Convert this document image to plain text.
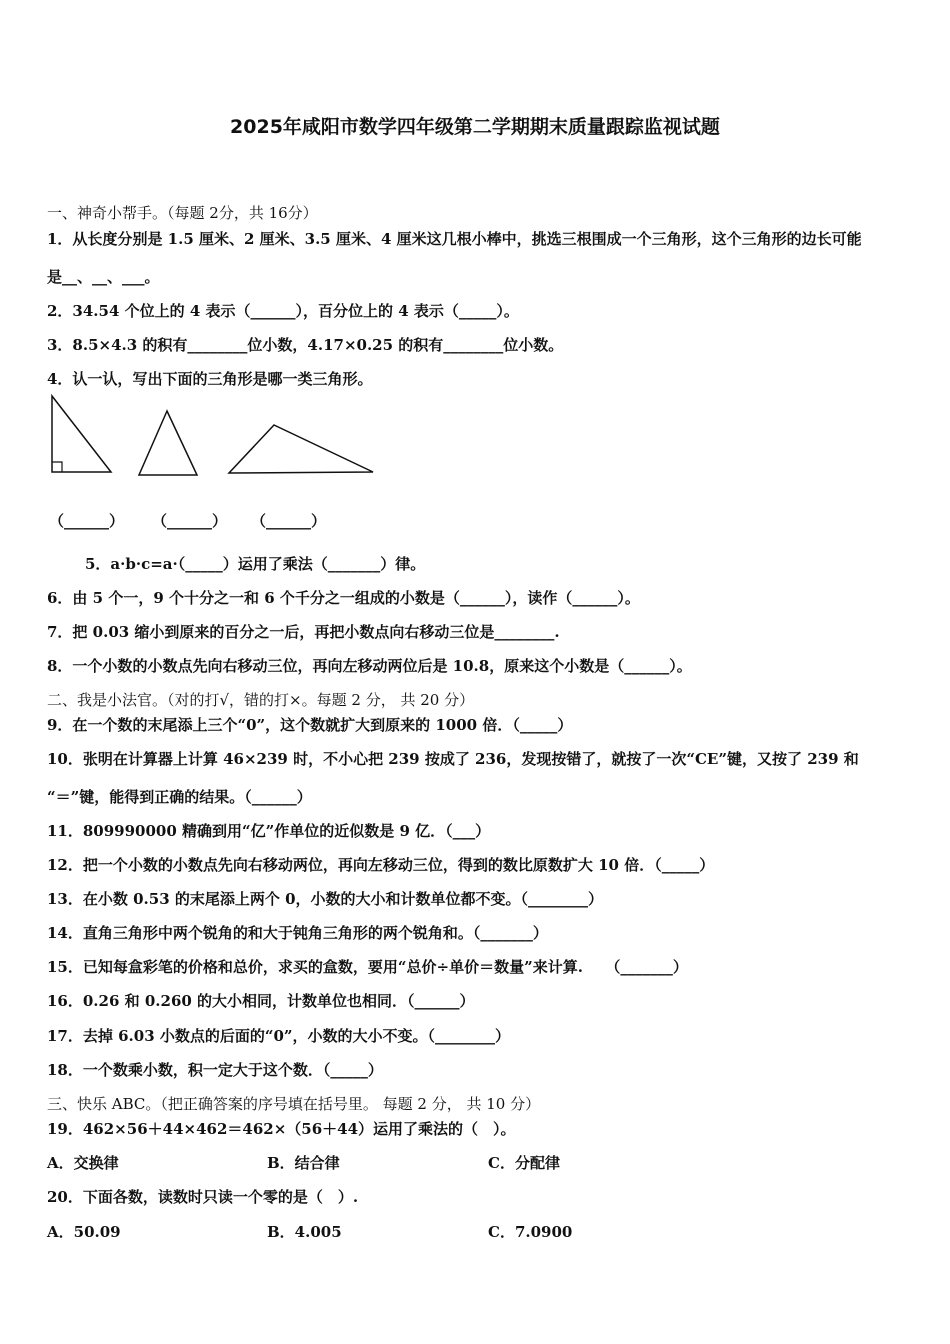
2025年咸阳市数学四年级第二学期期末质量跟踪监视试题
一、神奇小帮手。（每题 2分，共 16分）
1．从长度分别是 1.5 厘米、2 厘米、3.5 厘米、4 厘米这几根小棒中，挑选三根围成一个三角形，这个三角形的边长可能
是__、__、___。
2．34.54 个位上的 4 表示（______），百分位上的 4 表示（_____）。
3．8.5×4.3 的积有________位小数，4.17×0.25 的积有________位小数。
4．认一认，写出下面的三角形是哪一类三角形。
（______） （______） （______）
5．a·b·c=a·（_____）运用了乘法（_______）律。
6．由 5 个一，9 个十分之一和 6 个千分之一组成的小数是（______），读作（______）。
7．把 0.03 缩小到原来的百分之一后，再把小数点向右移动三位是________.
8．一个小数的小数点先向右移动三位，再向左移动两位后是 10.8，原来这个小数是（______）。
二、我是小法官。（对的打√，错的打×。每题 2 分， 共 20 分）
9．在一个数的末尾添上三个“0”，这个数就扩大到原来的 1000 倍．（_____）
10．张明在计算器上计算 46×239 时，不小心把 239 按成了 236，发现按错了，就按了一次“CE”键，又按了 239 和
“＝”键，能得到正确的结果。（______）
11．809990000 精确到用“亿”作单位的近似数是 9 亿．（___）
12．把一个小数的小数点先向右移动两位，再向左移动三位，得到的数比原数扩大 10 倍．（_____）
13．在小数 0.53 的末尾添上两个 0，小数的大小和计数单位都不变。（________）
14．直角三角形中两个锐角的和大于钝角三角形的两个锐角和。（_______）
15．已知每盒彩笔的价格和总价，求买的盒数，要用“总价÷单价＝数量”来计算.　　（_______）
16．0.26 和 0.260 的大小相同，计数单位也相同．（______）
17．去掉 6.03 小数点的后面的“0”，小数的大小不变。（________）
18．一个数乘小数，积一定大于这个数．（_____）
三、快乐 ABC。（把正确答案的序号填在括号里。 每题 2 分， 共 10 分）
19．462×56＋44×462＝462×（56＋44）运用了乘法的（　）。
A．交换律	B．结合律	C．分配律
20．下面各数，读数时只读一个零的是（　）.
A．50.09	B．4.005	C．7.0900
